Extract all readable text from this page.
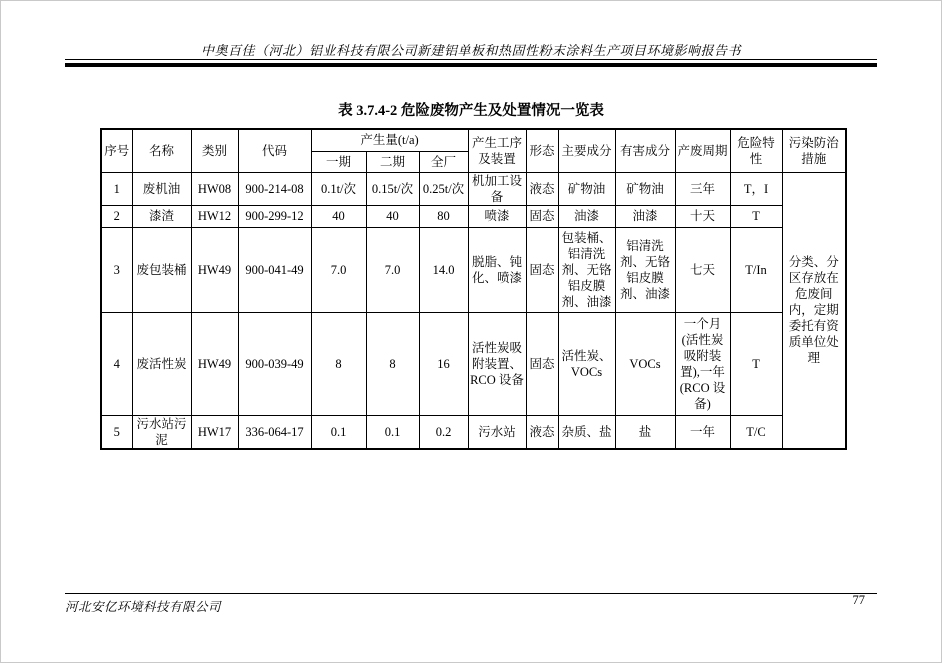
中奥百佳（河北）铝业科技有限公司新建铝单板和热固性粉末涂料生产项目环境影响报告书
表 3.7.4-2 危险废物产生及处置情况一览表
序号	名称	类别	代码	产生量(t/a)			产生工序及装置	形态	主要成分	有害成分	产废周期	危险特性	污染防治措施
				一期	二期	全厂							
1	废机油	HW08	900-214-08	0.1t/次	0.15t/次	0.25t/次	机加工设备	液态	矿物油	矿物油	三年	T，I	分类、分区存放在危废间内，定期委托有资质单位处理
2	漆渣	HW12	900-299-12	40	40	80	喷漆	固态	油漆	油漆	十天	T	
3	废包装桶	HW49	900-041-49	7.0	7.0	14.0	脱脂、钝化、喷漆	固态	包装桶、铝清洗剂、无铬铝皮膜剂、油漆	铝清洗剂、无铬铝皮膜剂、油漆	七天	T/In	
4	废活性炭	HW49	900-039-49	8	8	16	活性炭吸附装置、RCO 设备	固态	活性炭、VOCs	VOCs	一个月(活性炭吸附装置),一年(RCO 设备)	T	
5	污水站污泥	HW17	336-064-17	0.1	0.1	0.2	污水站	液态	杂质、盐	盐	一年	T/C	
河北安亿环境科技有限公司	77
